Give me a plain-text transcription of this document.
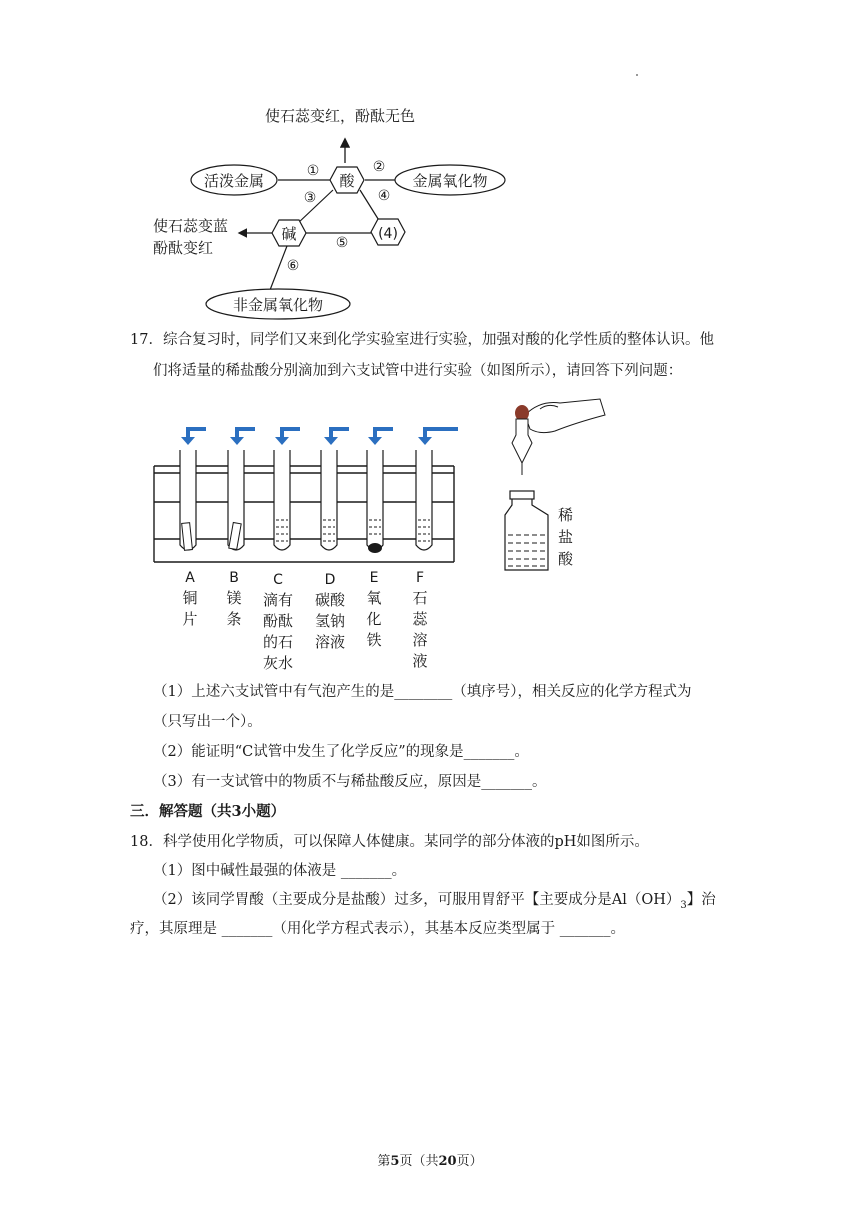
使石蕊变红，酚酞无色
活泼金属	金属氧化物
非金属氧化物
酸
碱	(4)
使石蕊变蓝
酚酞变红
①	②
③	④
⑤
⑥
17．综合复习时，同学们又来到化学实验室进行实验，加强对酸的化学性质的整体认识。他
们将适量的稀盐酸分别滴加到六支试管中进行实验（如图所示），请回答下列问题：
稀
盐
酸
A
铜
片
B
镁
条
C
滴有
酚酞
的石
灰水
D
碳酸
氢钠
溶液
E
氧
化
铁
F
石
蕊
溶
液
（1）上述六支试管中有气泡产生的是________（填序号），相关反应的化学方程式为
（只写出一个）。
（2）能证明“C试管中发生了化学反应”的现象是_______。
（3）有一支试管中的物质不与稀盐酸反应，原因是_______。
三．解答题（共3小题）
18．科学使用化学物质，可以保障人体健康。某同学的部分体液的pH如图所示。
（1）图中碱性最强的体液是 _______。
（2）该同学胃酸（主要成分是盐酸）过多，可服用胃舒平【主要成分是$Al(OH)_3$】治
疗，其原理是 _______（用化学方程式表示），其基本反应类型属于 _______。
第5页（共20页）
